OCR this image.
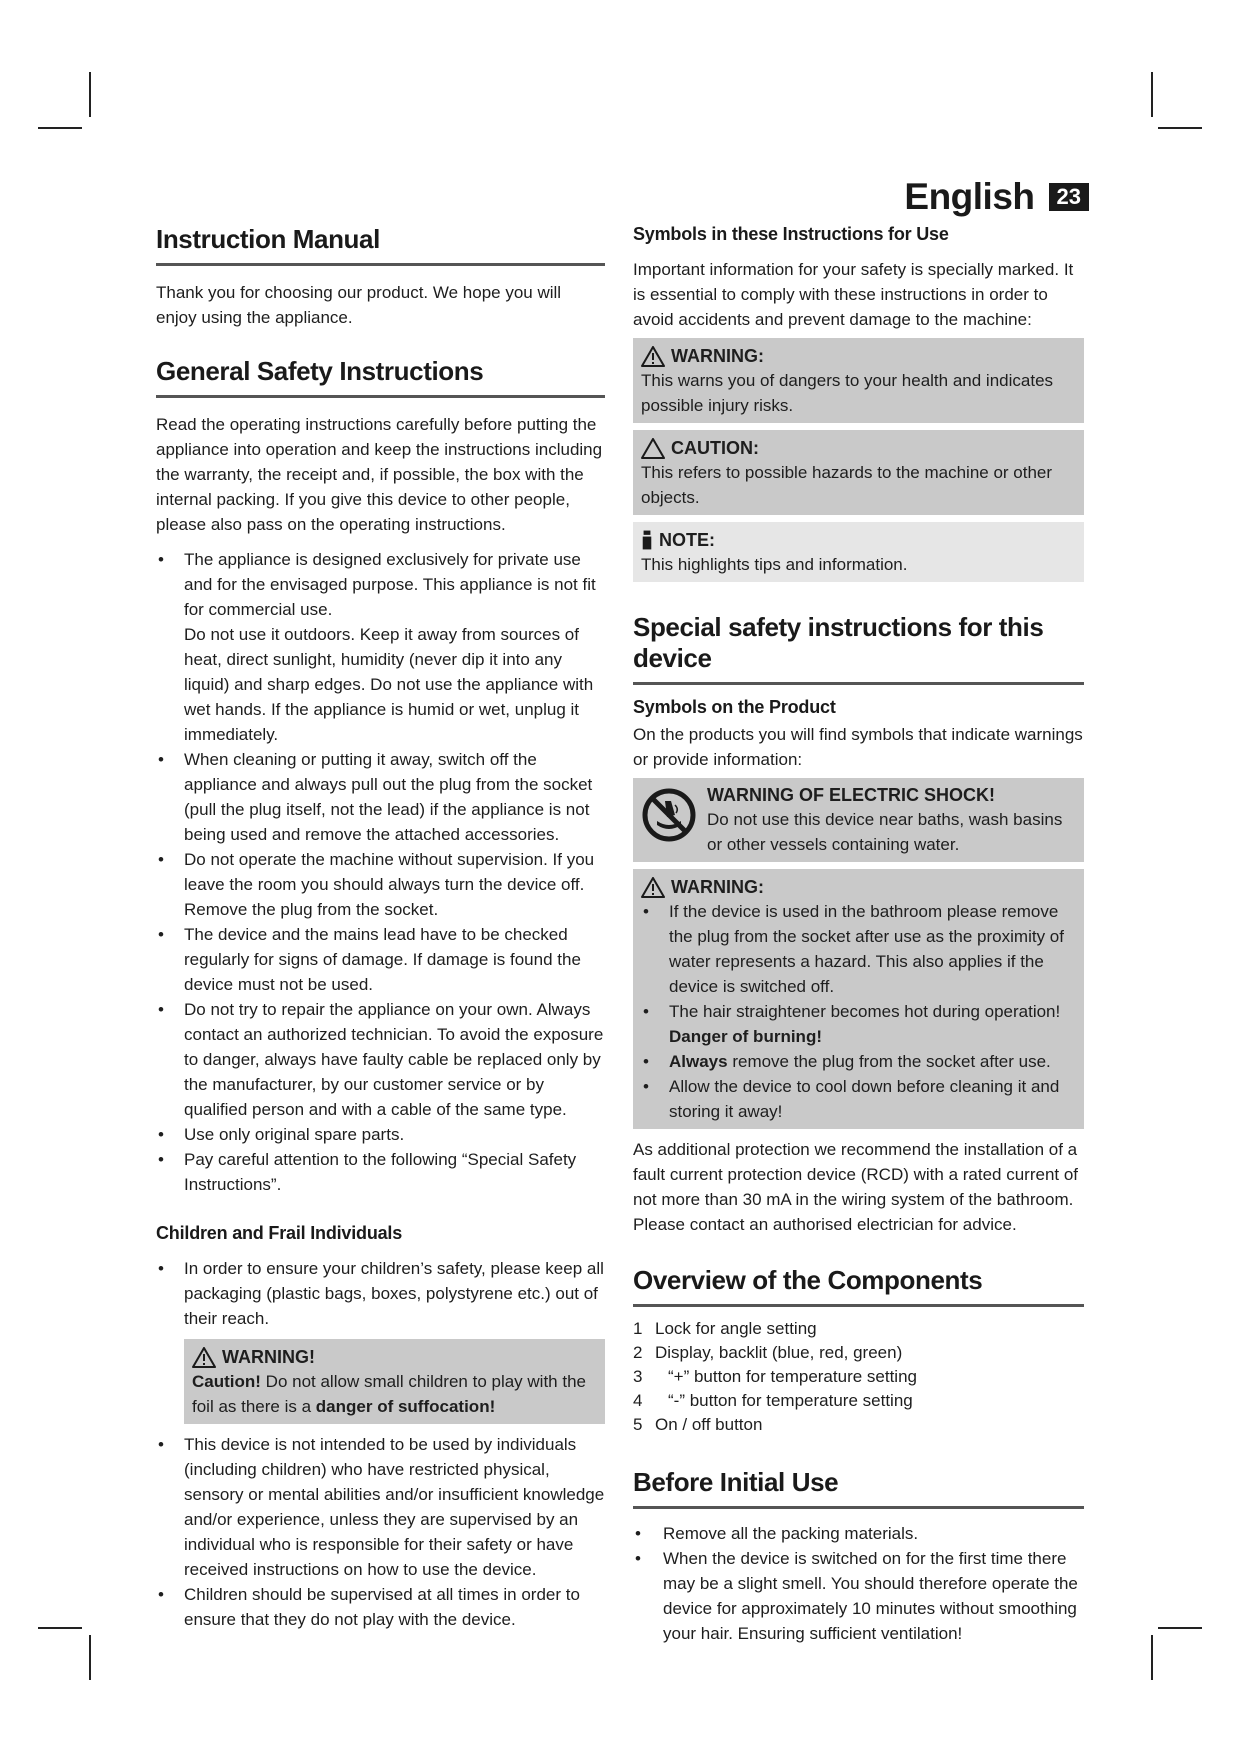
English	23
Instruction Manual

Thank you for choosing our product. We hope you will enjoy using the appliance.

General Safety Instructions

Read the operating instructions carefully before putting the appliance into operation and keep the instructions including the warranty, the receipt and, if possible, the box with the internal packing. If you give this device to other people, please also pass on the operating instructions.

• The appliance is designed exclusively for private use and for the envisaged purpose. This appliance is not fit for commercial use.
Do not use it outdoors. Keep it away from sources of heat, direct sunlight, humidity (never dip it into any liquid) and sharp edges. Do not use the appliance with wet hands. If the appliance is humid or wet, unplug it immediately.
• When cleaning or putting it away, switch off the appliance and always pull out the plug from the socket (pull the plug itself, not the lead) if the appliance is not being used and remove the attached accessories.
• Do not operate the machine without supervision. If you leave the room you should always turn the device off. Remove the plug from the socket.
• The device and the mains lead have to be checked regularly for signs of damage. If damage is found the device must not be used.
• Do not try to repair the appliance on your own. Always contact an authorized technician. To avoid the exposure to danger, always have faulty cable be replaced only by the manufacturer, by our customer service or by qualified person and with a cable of the same type.
• Use only original spare parts.
• Pay careful attention to the following “Special Safety Instructions”.
Children and Frail Individuals
• In order to ensure your children’s safety, please keep all packaging (plastic bags, boxes, polystyrene etc.) out of their reach.
WARNING!

Caution! Do not allow small children to play with the foil as there is a danger of suffocation!

• This device is not intended to be used by individuals (including children) who have restricted physical, sensory or mental abilities and/or insufficient knowledge and/or experience, unless they are supervised by an individual who is responsible for their safety or have received instructions on how to use the device.
• Children should be supervised at all times in order to ensure that they do not play with the device.
Symbols in these Instructions for Use

Important information for your safety is specially marked. It is essential to comply with these instructions in order to avoid accidents and prevent damage to the machine:

WARNING:

This warns you of dangers to your health and indicates possible injury risks.

CAUTION:

This refers to possible hazards to the machine or other objects.

NOTE:

This highlights tips and information.

Special safety instructions for this device
Symbols on the Product

On the products you will find symbols that indicate warnings or provide information:

WARNING OF ELECTRIC SHOCK!

Do not use this device near baths, wash basins or other vessels containing water.

WARNING:
• If the device is used in the bathroom please remove the plug from the socket after use as the proximity of water represents a hazard. This also applies if the device is switched off.
• The hair straightener becomes hot during operation!
Danger of burning!
• Always remove the plug from the socket after use.
• Allow the device to cool down before cleaning it and storing it away!

As additional protection we recommend the installation of a fault current protection device (RCD) with a rated current of not more than 30 mA in the wiring system of the bathroom. Please contact an authorised electrician for advice.

Overview of the Components
1 Lock for angle setting
2 Display, backlit (blue, red, green)
3	“+” button for temperature setting
4	“-” button for temperature setting
5 On / off button
Before Initial Use
• Remove all the packing materials.
• When the device is switched on for the first time there may be a slight smell. You should therefore operate the device for approximately 10 minutes without smoothing your hair. Ensuring sufficient ventilation!
